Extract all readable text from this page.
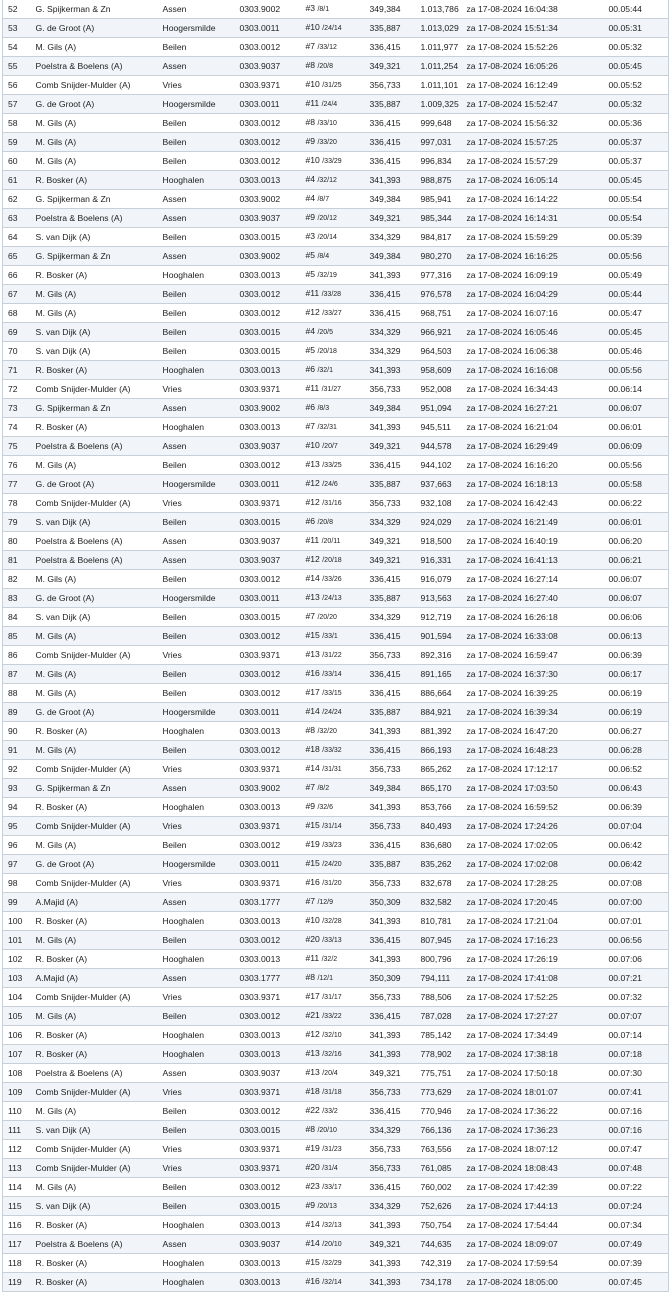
52	G. Spijkerman & Zn	Assen	0303.9002	#3 /8/1	349,384	1.013,786	za 17-08-2024 16:04:38	00.05:44
53	G. de Groot (A)	Hoogersmilde	0303.0011	#10 /24/14	335,887	1.013,029	za 17-08-2024 15:51:34	00.05:31
54	M. Gils (A)	Beilen	0303.0012	#7 /33/12	336,415	1.011,977	za 17-08-2024 15:52:26	00.05:32
55	Poelstra & Boelens (A)	Assen	0303.9037	#8 /20/8	349,321	1.011,254	za 17-08-2024 16:05:26	00.05:45
56	Comb Snijder-Mulder (A)	Vries	0303.9371	#10 /31/25	356,733	1.011,101	za 17-08-2024 16:12:49	00.05:52
57	G. de Groot (A)	Hoogersmilde	0303.0011	#11 /24/4	335,887	1.009,325	za 17-08-2024 15:52:47	00.05:32
58	M. Gils (A)	Beilen	0303.0012	#8 /33/10	336,415	999,648	za 17-08-2024 15:56:32	00.05:36
59	M. Gils (A)	Beilen	0303.0012	#9 /33/20	336,415	997,031	za 17-08-2024 15:57:25	00.05:37
60	M. Gils (A)	Beilen	0303.0012	#10 /33/29	336,415	996,834	za 17-08-2024 15:57:29	00.05:37
61	R. Bosker (A)	Hooghalen	0303.0013	#4 /32/12	341,393	988,875	za 17-08-2024 16:05:14	00.05:45
62	G. Spijkerman & Zn	Assen	0303.9002	#4 /8/7	349,384	985,941	za 17-08-2024 16:14:22	00.05:54
63	Poelstra & Boelens (A)	Assen	0303.9037	#9 /20/12	349,321	985,344	za 17-08-2024 16:14:31	00.05:54
64	S. van Dijk (A)	Beilen	0303.0015	#3 /20/14	334,329	984,817	za 17-08-2024 15:59:29	00.05:39
65	G. Spijkerman & Zn	Assen	0303.9002	#5 /8/4	349,384	980,270	za 17-08-2024 16:16:25	00.05:56
66	R. Bosker (A)	Hooghalen	0303.0013	#5 /32/19	341,393	977,316	za 17-08-2024 16:09:19	00.05:49
67	M. Gils (A)	Beilen	0303.0012	#11 /33/28	336,415	976,578	za 17-08-2024 16:04:29	00.05:44
68	M. Gils (A)	Beilen	0303.0012	#12 /33/27	336,415	968,751	za 17-08-2024 16:07:16	00.05:47
69	S. van Dijk (A)	Beilen	0303.0015	#4 /20/5	334,329	966,921	za 17-08-2024 16:05:46	00.05:45
70	S. van Dijk (A)	Beilen	0303.0015	#5 /20/18	334,329	964,503	za 17-08-2024 16:06:38	00.05:46
71	R. Bosker (A)	Hooghalen	0303.0013	#6 /32/1	341,393	958,609	za 17-08-2024 16:16:08	00.05:56
72	Comb Snijder-Mulder (A)	Vries	0303.9371	#11 /31/27	356,733	952,008	za 17-08-2024 16:34:43	00.06:14
73	G. Spijkerman & Zn	Assen	0303.9002	#6 /8/3	349,384	951,094	za 17-08-2024 16:27:21	00.06:07
74	R. Bosker (A)	Hooghalen	0303.0013	#7 /32/31	341,393	945,511	za 17-08-2024 16:21:04	00.06:01
75	Poelstra & Boelens (A)	Assen	0303.9037	#10 /20/7	349,321	944,578	za 17-08-2024 16:29:49	00.06:09
76	M. Gils (A)	Beilen	0303.0012	#13 /33/25	336,415	944,102	za 17-08-2024 16:16:20	00.05:56
77	G. de Groot (A)	Hoogersmilde	0303.0011	#12 /24/6	335,887	937,663	za 17-08-2024 16:18:13	00.05:58
78	Comb Snijder-Mulder (A)	Vries	0303.9371	#12 /31/16	356,733	932,108	za 17-08-2024 16:42:43	00.06:22
79	S. van Dijk (A)	Beilen	0303.0015	#6 /20/8	334,329	924,029	za 17-08-2024 16:21:49	00.06:01
80	Poelstra & Boelens (A)	Assen	0303.9037	#11 /20/11	349,321	918,500	za 17-08-2024 16:40:19	00.06:20
81	Poelstra & Boelens (A)	Assen	0303.9037	#12 /20/18	349,321	916,331	za 17-08-2024 16:41:13	00.06:21
82	M. Gils (A)	Beilen	0303.0012	#14 /33/26	336,415	916,079	za 17-08-2024 16:27:14	00.06:07
83	G. de Groot (A)	Hoogersmilde	0303.0011	#13 /24/13	335,887	913,563	za 17-08-2024 16:27:40	00.06:07
84	S. van Dijk (A)	Beilen	0303.0015	#7 /20/20	334,329	912,719	za 17-08-2024 16:26:18	00.06:06
85	M. Gils (A)	Beilen	0303.0012	#15 /33/1	336,415	901,594	za 17-08-2024 16:33:08	00.06:13
86	Comb Snijder-Mulder (A)	Vries	0303.9371	#13 /31/22	356,733	892,316	za 17-08-2024 16:59:47	00.06:39
87	M. Gils (A)	Beilen	0303.0012	#16 /33/14	336,415	891,165	za 17-08-2024 16:37:30	00.06:17
88	M. Gils (A)	Beilen	0303.0012	#17 /33/15	336,415	886,664	za 17-08-2024 16:39:25	00.06:19
89	G. de Groot (A)	Hoogersmilde	0303.0011	#14 /24/24	335,887	884,921	za 17-08-2024 16:39:34	00.06:19
90	R. Bosker (A)	Hooghalen	0303.0013	#8 /32/20	341,393	881,392	za 17-08-2024 16:47:20	00.06:27
91	M. Gils (A)	Beilen	0303.0012	#18 /33/32	336,415	866,193	za 17-08-2024 16:48:23	00.06:28
92	Comb Snijder-Mulder (A)	Vries	0303.9371	#14 /31/31	356,733	865,262	za 17-08-2024 17:12:17	00.06:52
93	G. Spijkerman & Zn	Assen	0303.9002	#7 /8/2	349,384	865,170	za 17-08-2024 17:03:50	00.06:43
94	R. Bosker (A)	Hooghalen	0303.0013	#9 /32/6	341,393	853,766	za 17-08-2024 16:59:52	00.06:39
95	Comb Snijder-Mulder (A)	Vries	0303.9371	#15 /31/14	356,733	840,493	za 17-08-2024 17:24:26	00.07:04
96	M. Gils (A)	Beilen	0303.0012	#19 /33/23	336,415	836,680	za 17-08-2024 17:02:05	00.06:42
97	G. de Groot (A)	Hoogersmilde	0303.0011	#15 /24/20	335,887	835,262	za 17-08-2024 17:02:08	00.06:42
98	Comb Snijder-Mulder (A)	Vries	0303.9371	#16 /31/20	356,733	832,678	za 17-08-2024 17:28:25	00.07:08
99	A.Majid (A)	Assen	0303.1777	#7 /12/9	350,309	832,582	za 17-08-2024 17:20:45	00.07:00
100	R. Bosker (A)	Hooghalen	0303.0013	#10 /32/28	341,393	810,781	za 17-08-2024 17:21:04	00.07:01
101	M. Gils (A)	Beilen	0303.0012	#20 /33/13	336,415	807,945	za 17-08-2024 17:16:23	00.06:56
102	R. Bosker (A)	Hooghalen	0303.0013	#11 /32/2	341,393	800,796	za 17-08-2024 17:26:19	00.07:06
103	A.Majid (A)	Assen	0303.1777	#8 /12/1	350,309	794,111	za 17-08-2024 17:41:08	00.07:21
104	Comb Snijder-Mulder (A)	Vries	0303.9371	#17 /31/17	356,733	788,506	za 17-08-2024 17:52:25	00.07:32
105	M. Gils (A)	Beilen	0303.0012	#21 /33/22	336,415	787,028	za 17-08-2024 17:27:27	00.07:07
106	R. Bosker (A)	Hooghalen	0303.0013	#12 /32/10	341,393	785,142	za 17-08-2024 17:34:49	00.07:14
107	R. Bosker (A)	Hooghalen	0303.0013	#13 /32/16	341,393	778,902	za 17-08-2024 17:38:18	00.07:18
108	Poelstra & Boelens (A)	Assen	0303.9037	#13 /20/4	349,321	775,751	za 17-08-2024 17:50:18	00.07:30
109	Comb Snijder-Mulder (A)	Vries	0303.9371	#18 /31/18	356,733	773,629	za 17-08-2024 18:01:07	00.07:41
110	M. Gils (A)	Beilen	0303.0012	#22 /33/2	336,415	770,946	za 17-08-2024 17:36:22	00.07:16
111	S. van Dijk (A)	Beilen	0303.0015	#8 /20/10	334,329	766,136	za 17-08-2024 17:36:23	00.07:16
112	Comb Snijder-Mulder (A)	Vries	0303.9371	#19 /31/23	356,733	763,556	za 17-08-2024 18:07:12	00.07:47
113	Comb Snijder-Mulder (A)	Vries	0303.9371	#20 /31/4	356,733	761,085	za 17-08-2024 18:08:43	00.07:48
114	M. Gils (A)	Beilen	0303.0012	#23 /33/17	336,415	760,002	za 17-08-2024 17:42:39	00.07:22
115	S. van Dijk (A)	Beilen	0303.0015	#9 /20/13	334,329	752,626	za 17-08-2024 17:44:13	00.07:24
116	R. Bosker (A)	Hooghalen	0303.0013	#14 /32/13	341,393	750,754	za 17-08-2024 17:54:44	00.07:34
117	Poelstra & Boelens (A)	Assen	0303.9037	#14 /20/10	349,321	744,635	za 17-08-2024 18:09:07	00.07:49
118	R. Bosker (A)	Hooghalen	0303.0013	#15 /32/29	341,393	742,319	za 17-08-2024 17:59:54	00.07:39
119	R. Bosker (A)	Hooghalen	0303.0013	#16 /32/14	341,393	734,178	za 17-08-2024 18:05:00	00.07:45
